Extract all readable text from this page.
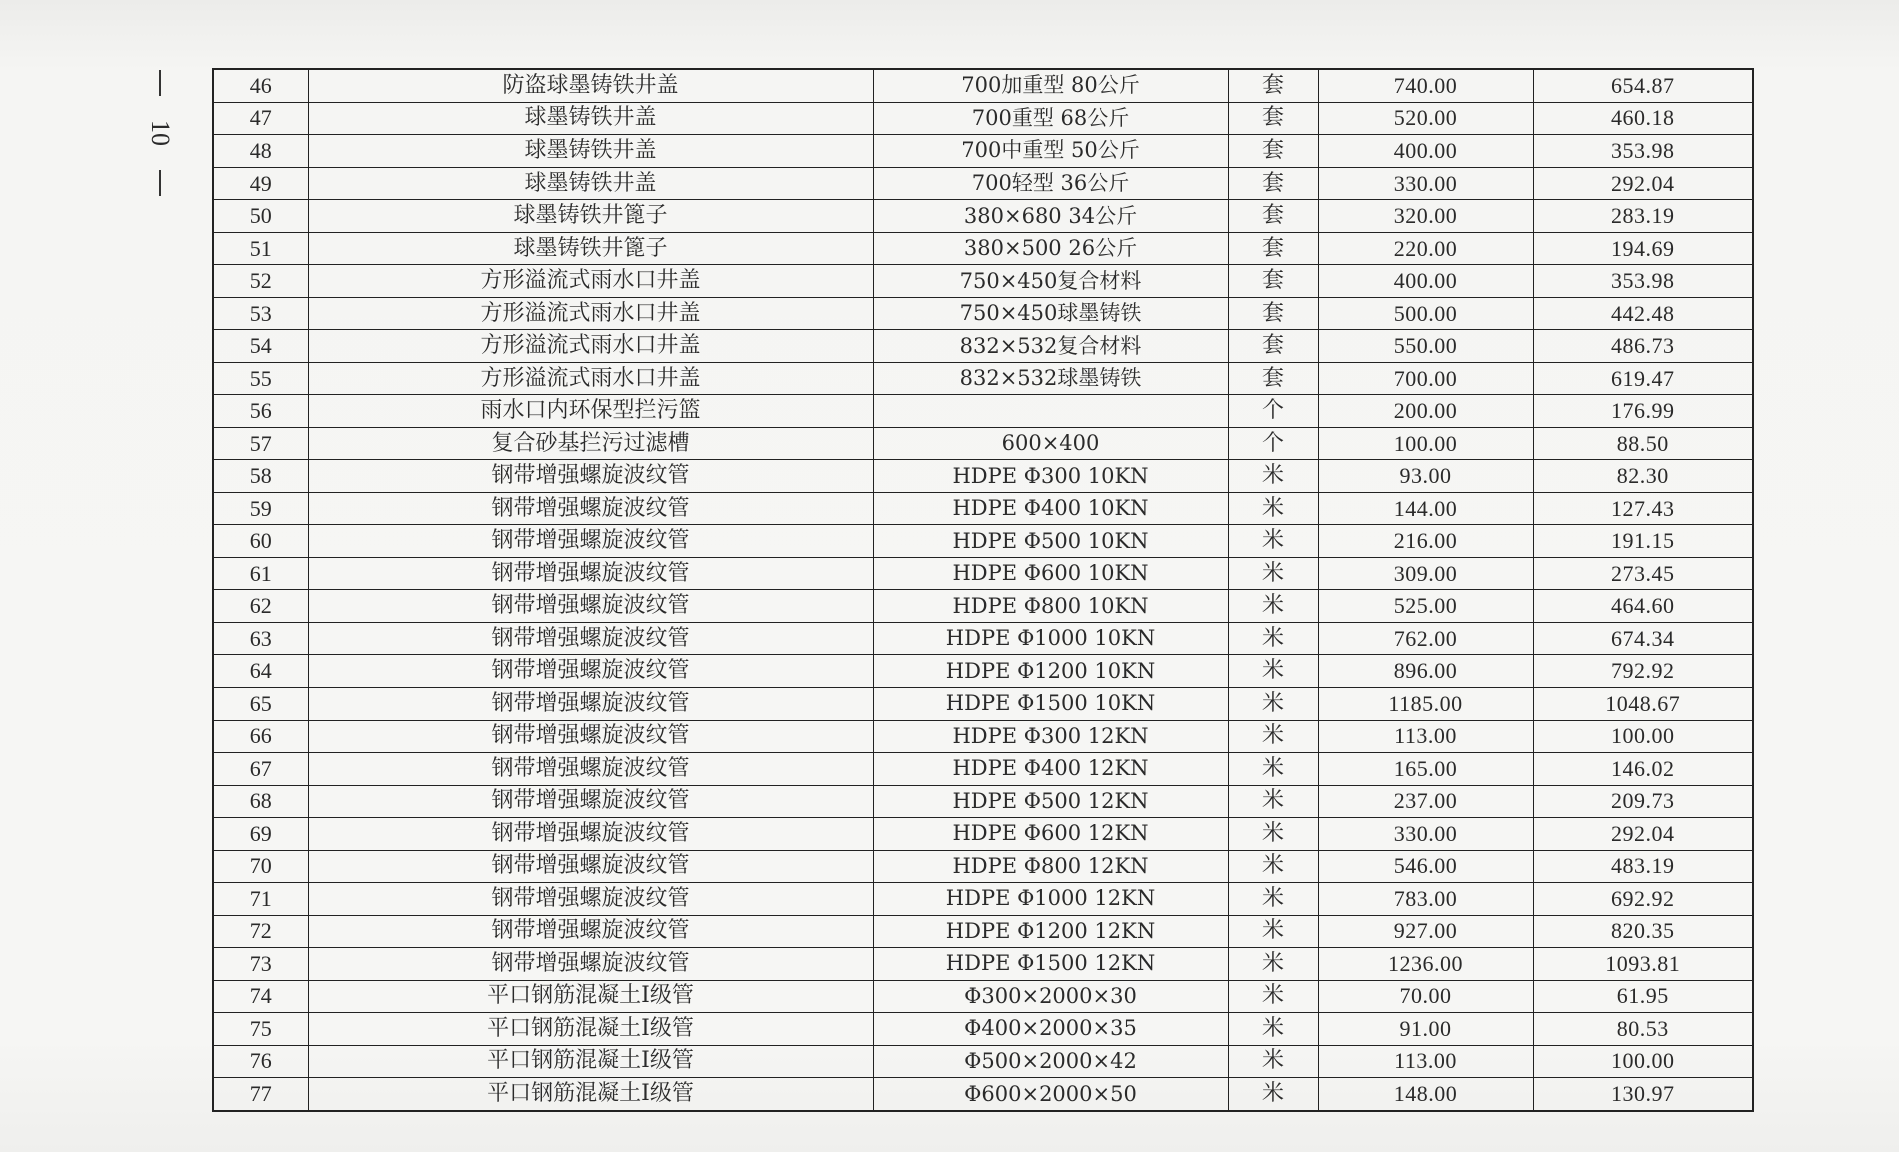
10
46	防盗球墨铸铁井盖	700加重型 80公斤	套	740.00	654.87
47	球墨铸铁井盖	700重型 68公斤	套	520.00	460.18
48	球墨铸铁井盖	700中重型 50公斤	套	400.00	353.98
49	球墨铸铁井盖	700轻型 36公斤	套	330.00	292.04
50	球墨铸铁井篦子	380×680 34公斤	套	320.00	283.19
51	球墨铸铁井篦子	380×500 26公斤	套	220.00	194.69
52	方形溢流式雨水口井盖	750×450复合材料	套	400.00	353.98
53	方形溢流式雨水口井盖	750×450球墨铸铁	套	500.00	442.48
54	方形溢流式雨水口井盖	832×532复合材料	套	550.00	486.73
55	方形溢流式雨水口井盖	832×532球墨铸铁	套	700.00	619.47
56	雨水口内环保型拦污篮		个	200.00	176.99
57	复合砂基拦污过滤槽	600×400	个	100.00	88.50
58	钢带增强螺旋波纹管	HDPE Φ300 10KN	米	93.00	82.30
59	钢带增强螺旋波纹管	HDPE Φ400 10KN	米	144.00	127.43
60	钢带增强螺旋波纹管	HDPE Φ500 10KN	米	216.00	191.15
61	钢带增强螺旋波纹管	HDPE Φ600 10KN	米	309.00	273.45
62	钢带增强螺旋波纹管	HDPE Φ800 10KN	米	525.00	464.60
63	钢带增强螺旋波纹管	HDPE Φ1000 10KN	米	762.00	674.34
64	钢带增强螺旋波纹管	HDPE Φ1200 10KN	米	896.00	792.92
65	钢带增强螺旋波纹管	HDPE Φ1500 10KN	米	1185.00	1048.67
66	钢带增强螺旋波纹管	HDPE Φ300 12KN	米	113.00	100.00
67	钢带增强螺旋波纹管	HDPE Φ400 12KN	米	165.00	146.02
68	钢带增强螺旋波纹管	HDPE Φ500 12KN	米	237.00	209.73
69	钢带增强螺旋波纹管	HDPE Φ600 12KN	米	330.00	292.04
70	钢带增强螺旋波纹管	HDPE Φ800 12KN	米	546.00	483.19
71	钢带增强螺旋波纹管	HDPE Φ1000 12KN	米	783.00	692.92
72	钢带增强螺旋波纹管	HDPE Φ1200 12KN	米	927.00	820.35
73	钢带增强螺旋波纹管	HDPE Φ1500 12KN	米	1236.00	1093.81
74	平口钢筋混凝土Ⅰ级管	Φ300×2000×30	米	70.00	61.95
75	平口钢筋混凝土Ⅰ级管	Φ400×2000×35	米	91.00	80.53
76	平口钢筋混凝土Ⅰ级管	Φ500×2000×42	米	113.00	100.00
77	平口钢筋混凝土Ⅰ级管	Φ600×2000×50	米	148.00	130.97
